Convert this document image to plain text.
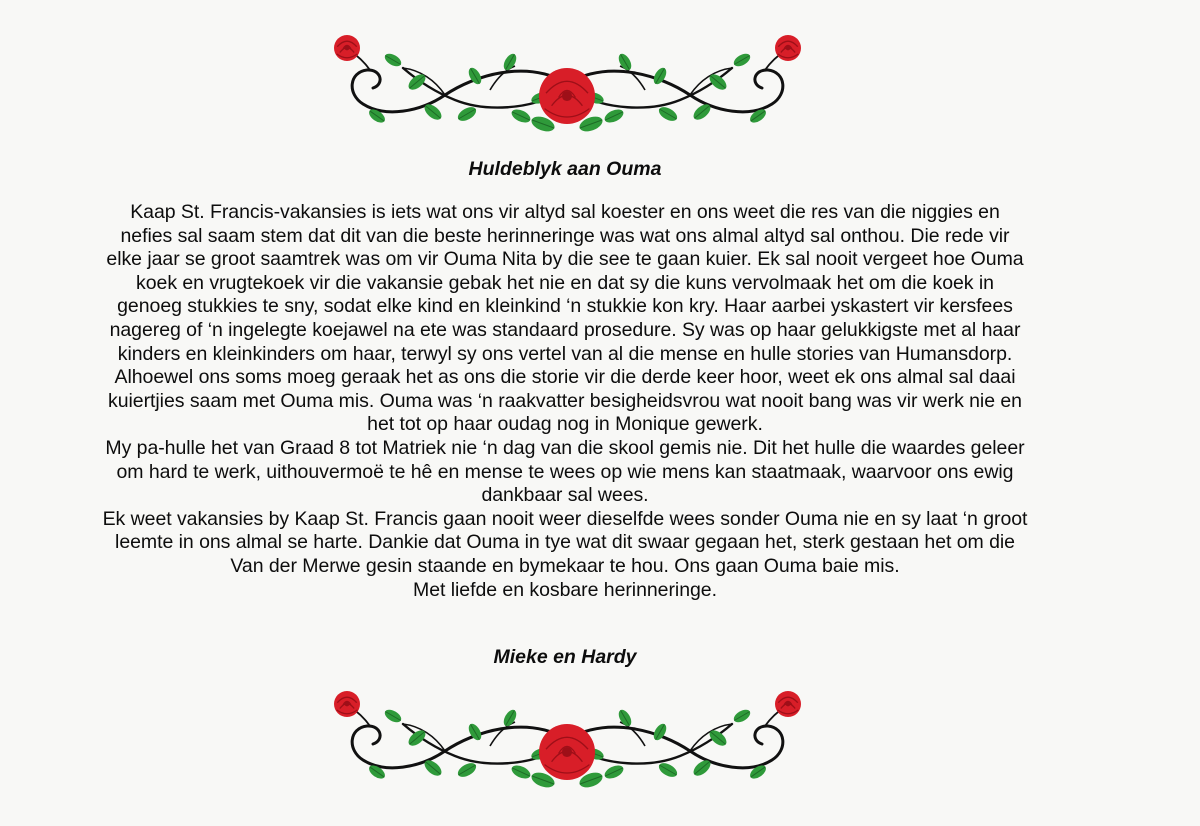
Huldeblyk aan Ouma
Kaap St. Francis-vakansies is iets wat ons vir altyd sal koester en ons weet die res van die niggies en
nefies sal saam stem dat dit van die beste herinneringe was wat ons almal altyd sal onthou. Die rede vir
elke jaar se groot saamtrek was om vir Ouma Nita by die see te gaan kuier. Ek sal nooit vergeet hoe Ouma
koek en vrugtekoek vir die vakansie gebak het nie en dat sy die kuns vervolmaak het om die koek in
genoeg stukkies te sny, sodat elke kind en kleinkind ‘n stukkie kon kry. Haar aarbei yskastert vir kersfees
nagereg of ‘n ingelegte koejawel na ete was standaard prosedure. Sy was op haar gelukkigste met al haar
kinders en kleinkinders om haar, terwyl sy ons vertel van al die mense en hulle stories van Humansdorp.
Alhoewel ons soms moeg geraak het as ons die storie vir die derde keer hoor, weet ek ons almal sal daai
kuiertjies saam met Ouma mis. Ouma was ‘n raakvatter besigheidsvrou wat nooit bang was vir werk nie en
het tot op haar oudag nog in Monique gewerk.
My pa-hulle het van Graad 8 tot Matriek nie ‘n dag van die skool gemis nie. Dit het hulle die waardes geleer
om hard te werk, uithouvermoë te hê en mense te wees op wie mens kan staatmaak, waarvoor ons ewig
dankbaar sal wees.
Ek weet vakansies by Kaap St. Francis gaan nooit weer dieselfde wees sonder Ouma nie en sy laat ‘n groot
leemte in ons almal se harte. Dankie dat Ouma in tye wat dit swaar gegaan het, sterk gestaan het om die
Van der Merwe gesin staande en bymekaar te hou. Ons gaan Ouma baie mis.
Met liefde en kosbare herinneringe.
Mieke en Hardy
